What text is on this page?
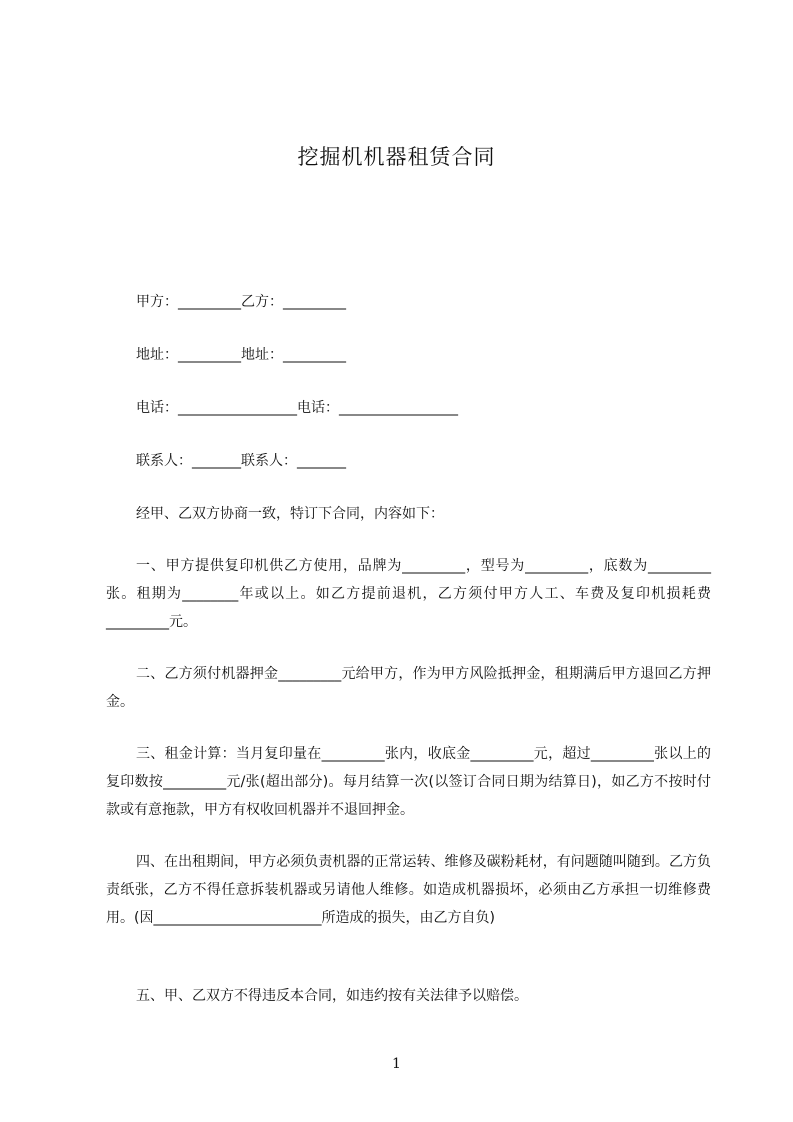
挖掘机机器租赁合同
甲方：_________乙方：_________
地址：_________地址：_________
电话：_________________电话：_________________
联系人：_______联系人：_______
经甲、乙双方协商一致，特订下合同，内容如下：
一、甲方提供复印机供乙方使用，品牌为_________，型号为_________，底数为_________张。租期为________年或以上。如乙方提前退机，乙方须付甲方人工、车费及复印机损耗费_________元。
二、乙方须付机器押金_________元给甲方，作为甲方风险抵押金，租期满后甲方退回乙方押金。
三、租金计算：当月复印量在_________张内，收底金_________元，超过_________张以上的复印数按_________元/张(超出部分)。每月结算一次(以签订合同日期为结算日)，如乙方不按时付款或有意拖款，甲方有权收回机器并不退回押金。
四、在出租期间，甲方必须负责机器的正常运转、维修及碳粉耗材，有问题随叫随到。乙方负责纸张，乙方不得任意拆装机器或另请他人维修。如造成机器损坏，必须由乙方承担一切维修费用。(因________________________所造成的损失，由乙方自负)
五、甲、乙双方不得违反本合同，如违约按有关法律予以赔偿。
1
